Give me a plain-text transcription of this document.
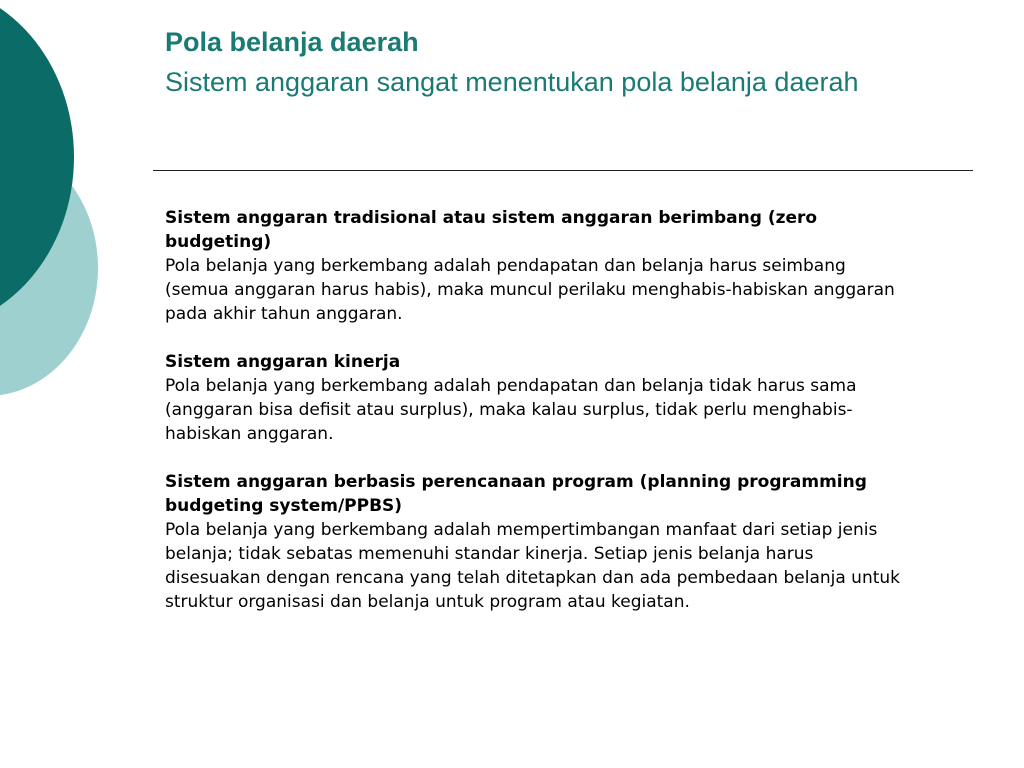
Pola belanja daerah
Sistem anggaran sangat menentukan pola belanja daerah
Sistem anggaran tradisional atau sistem anggaran berimbang (zero budgeting)
Pola belanja yang berkembang adalah pendapatan dan belanja harus seimbang (semua anggaran harus habis), maka muncul perilaku menghabis-habiskan anggaran pada akhir tahun anggaran.
Sistem anggaran kinerja
Pola belanja yang berkembang adalah pendapatan dan belanja tidak harus sama (anggaran bisa defisit atau surplus), maka kalau surplus, tidak perlu menghabis-habiskan anggaran.
Sistem anggaran berbasis perencanaan program (planning programming budgeting system/PPBS)
Pola belanja yang berkembang adalah mempertimbangan manfaat dari setiap jenis belanja; tidak sebatas memenuhi standar kinerja. Setiap jenis belanja harus disesuakan dengan rencana yang telah ditetapkan dan ada pembedaan belanja untuk struktur organisasi dan belanja untuk program atau kegiatan.
